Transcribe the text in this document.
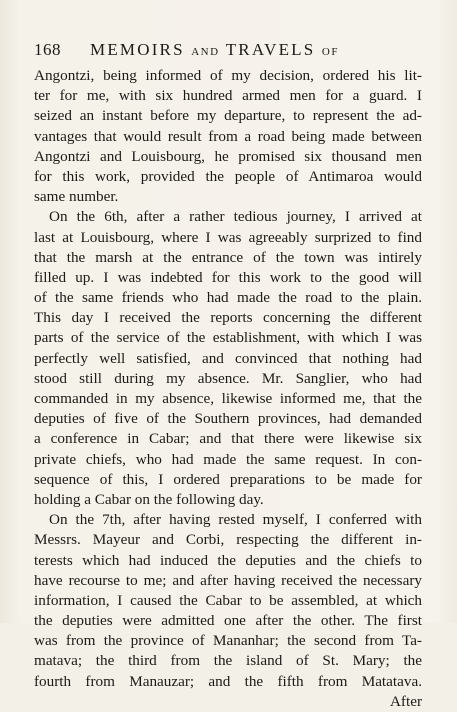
168 MEMOIRS AND TRAVELS OF
Angontzi, being informed of my decision, ordered his lit-
ter for me, with six hundred armed men for a guard. I
seized an instant before my departure, to represent the ad-
vantages that would result from a road being made between
Angontzi and Louisbourg, he promised six thousand men
for this work, provided the people of Antimaroa would
same number.
On the 6th, after a rather tedious journey, I arrived at
last at Louisbourg, where I was agreeably surprized to find
that the marsh at the entrance of the town was intirely
filled up. I was indebted for this work to the good will
of the same friends who had made the road to the plain.
This day I received the reports concerning the different
parts of the service of the establishment, with which I was
perfectly well satisfied, and convinced that nothing had
stood still during my absence. Mr. Sanglier, who had
commanded in my absence, likewise informed me, that the
deputies of five of the Southern provinces, had demanded
a conference in Cabar; and that there were likewise six
private chiefs, who had made the same request. In con-
sequence of this, I ordered preparations to be made for
holding a Cabar on the following day.
On the 7th, after having rested myself, I conferred with
Messrs. Mayeur and Corbi, respecting the different in-
terests which had induced the deputies and the chiefs to
have recourse to me; and after having received the necessary
information, I caused the Cabar to be assembled, at which
the deputies were admitted one after the other. The first
was from the province of Mananhar; the second from Ta-
matava; the third from the island of St. Mary; the
fourth from Manauzar; and the fifth from Matatava.
After
